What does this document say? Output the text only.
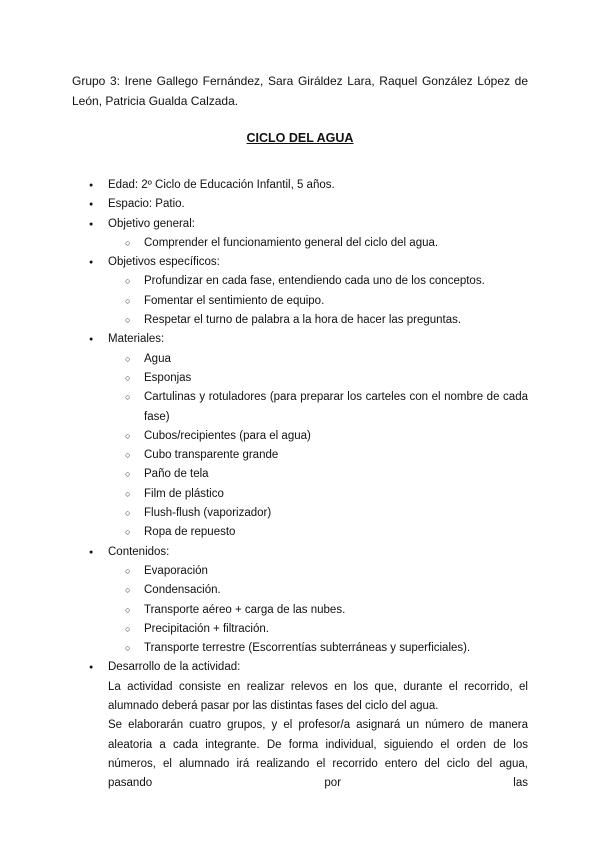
Grupo 3: Irene Gallego Fernández, Sara Giráldez Lara, Raquel González López de León, Patricia Gualda Calzada.
CICLO DEL AGUA
● Edad: 2º Ciclo de Educación Infantil, 5 años.
● Espacio: Patio.
● Objetivo general:
○ Comprender el funcionamiento general del ciclo del agua.
● Objetivos específicos:
○ Profundizar en cada fase, entendiendo cada uno de los conceptos.
○ Fomentar el sentimiento de equipo.
○ Respetar el turno de palabra a la hora de hacer las preguntas.
● Materiales:
○ Agua
○ Esponjas
○ Cartulinas y rotuladores (para preparar los carteles con el nombre de cada fase)
○ Cubos/recipientes (para el agua)
○ Cubo transparente grande
○ Paño de tela
○ Film de plástico
○ Flush-flush (vaporizador)
○ Ropa de repuesto
● Contenidos:
○ Evaporación
○ Condensación.
○ Transporte aéreo + carga de las nubes.
○ Precipitación + filtración.
○ Transporte terrestre (Escorrentías subterráneas y superficiales).
● Desarrollo de la actividad:
La actividad consiste en realizar relevos en los que, durante el recorrido, el alumnado deberá pasar por las distintas fases del ciclo del agua.
Se elaborarán cuatro grupos, y el profesor/a asignará un número de manera aleatoria a cada integrante. De forma individual, siguiendo el orden de los números, el alumnado irá realizando el recorrido entero del ciclo del agua, pasando por las
